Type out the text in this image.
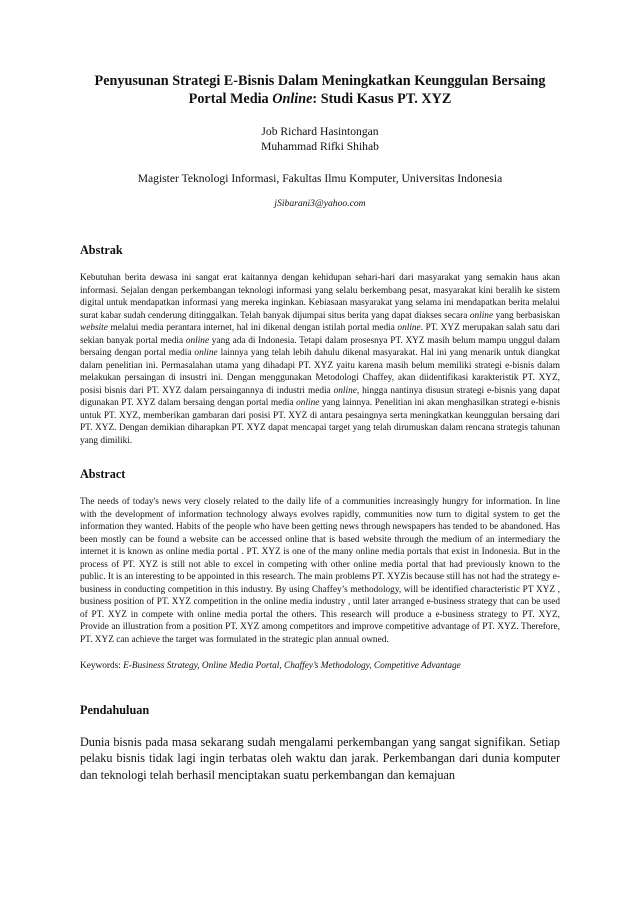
Penyusunan Strategi E-Bisnis Dalam Meningkatkan Keunggulan Bersaing
Portal Media Online: Studi Kasus PT. XYZ
Job Richard Hasintongan
Muhammad Rifki Shihab
Magister Teknologi Informasi, Fakultas Ilmu Komputer, Universitas Indonesia
jSibarani3@yahoo.com
Abstrak

Kebutuhan berita dewasa ini sangat erat kaitannya dengan kehidupan sehari-hari dari masyarakat yang semakin haus akan informasi. Sejalan dengan perkembangan teknologi informasi yang selalu berkembang pesat, masyarakat kini beralih ke sistem digital untuk mendapatkan informasi yang mereka inginkan. Kebiasaan masyarakat yang selama ini mendapatkan berita melalui surat kabar sudah cenderung ditinggalkan. Telah banyak dijumpai situs berita yang dapat diakses secara online yang berbasiskan website melalui media perantara internet, hal ini dikenal dengan istilah portal media online. PT. XYZ merupakan salah satu dari sekian banyak portal media online yang ada di Indonesia. Tetapi dalam prosesnya PT. XYZ masih belum mampu unggul dalam bersaing dengan portal media online lainnya yang telah lebih dahulu dikenal masyarakat. Hal ini yang menarik untuk diangkat dalam penelitian ini. Permasalahan utama yang dihadapi PT. XYZ yaitu karena masih belum memiliki strategi e-bisnis dalam melakukan persaingan di insustri ini. Dengan menggunakan Metodologi Chaffey, akan diidentifikasi karakteristik PT. XYZ, posisi bisnis dari PT. XYZ dalam persaingannya di industri media online, hingga nantinya disusun strategi e-bisnis yang dapat digunakan PT. XYZ dalam bersaing dengan portal media online yang lainnya. Penelitian ini akan menghasilkan strategi e-bisnis untuk PT. XYZ, memberikan gambaran dari posisi PT. XYZ di antara pesaingnya serta meningkatkan keunggulan bersaing dari PT. XYZ. Dengan demikian diharapkan PT. XYZ dapat mencapai target yang telah dirumuskan dalam rencana strategis tahunan yang dimiliki.

Abstract

The needs of today's news very closely related to the daily life of a communities increasingly hungry for information. In line with the development of information technology always evolves rapidly, communities now turn to digital system to get the information they wanted. Habits of the people who have been getting news through newspapers has tended to be abandoned. Has been mostly can be found a website can be accessed online that is based website through the medium of an intermediary the internet it is known as online media portal . PT. XYZ is one of the many online media portals that exist in Indonesia. But in the process of PT. XYZ is still not able to excel in competing with other online media portal that had previously known to the public. It is an interesting to be appointed in this research. The main problems PT. XYZis because still has not had the strategy e-business in conducting competition in this industry. By using Chaffey’s methodology, will be identified characteristic PT XYZ , business position of PT. XYZ competition in the online media industry , until later arranged e-business strategy that can be used of PT. XYZ in compete with online media portal the others. This research will produce a e-business strategy to PT. XYZ, Provide an illustration from a position PT. XYZ among competitors and improve competitive advantage of PT. XYZ. Therefore, PT. XYZ can achieve the target was formulated in the strategic plan annual owned.

Keywords: E-Business Strategy, Online Media Portal, Chaffey’s Methodology, Competitive Advantage
Pendahuluan

Dunia bisnis pada masa sekarang sudah mengalami perkembangan yang sangat signifikan. Setiap pelaku bisnis tidak lagi ingin terbatas oleh waktu dan jarak. Perkembangan dari dunia komputer dan teknologi telah berhasil menciptakan suatu perkembangan dan kemajuan
